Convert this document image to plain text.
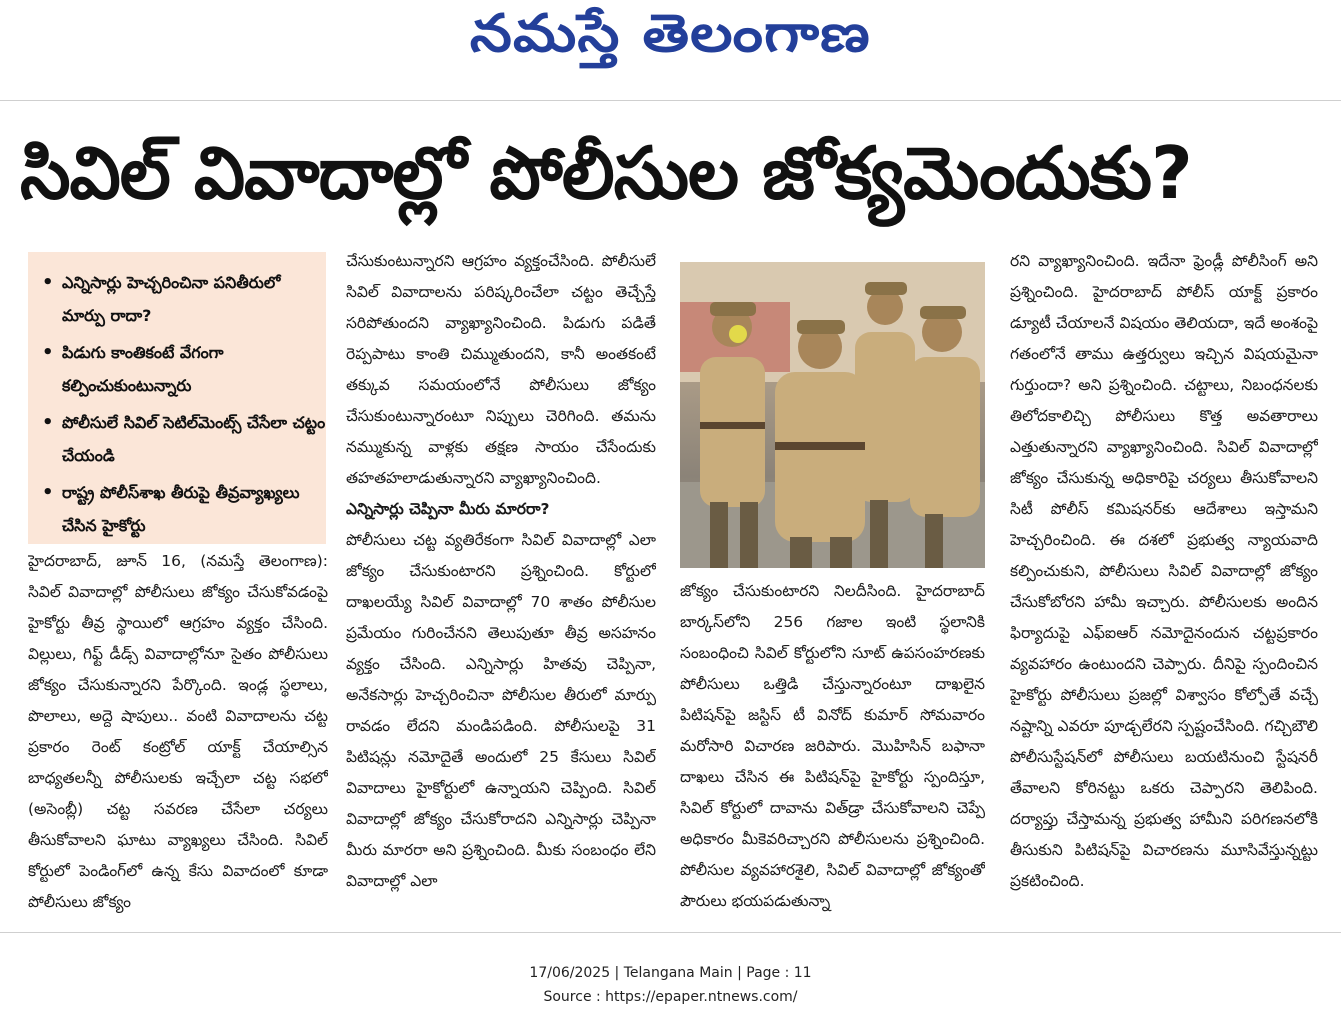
నమస్తే తెలంగాణ
సివిల్ వివాదాల్లో పోలీసుల జోక్యమెందుకు?
• ఎన్నిసార్లు హెచ్చరించినా పనితీరులో మార్పు రాదా?
• పిడుగు కాంతికంటే వేగంగా కల్పించుకుంటున్నారు
• పోలీసులే సివిల్ సెటిల్‌మెంట్స్ చేసేలా చట్టం చేయండి
• రాష్ట్ర పోలీస్‌శాఖ తీరుపై తీవ్రవ్యాఖ్యలు చేసిన హైకోర్టు

హైదరాబాద్, జూన్ 16, (నమస్తే తెలంగాణ): సివిల్ వివాదాల్లో పోలీసులు జోక్యం చేసుకోవడంపై హైకోర్టు తీవ్ర స్థాయిలో ఆగ్రహం వ్యక్తం చేసింది. విల్లులు, గిఫ్ట్ డీడ్స్ వివాదాల్లోనూ సైతం పోలీసులు జోక్యం చేసుకున్నారని పేర్కొంది. ఇండ్ల స్థలాలు, పొలాలు, అద్దె షాపులు.. వంటి వివాదాలను చట్ట ప్రకారం రెంట్ కంట్రోల్ యాక్ట్ చేయాల్సిన బాధ్యతలన్నీ పోలీసులకు ఇచ్చేలా చట్ట సభలో (అసెంబ్లీ) చట్ట సవరణ చేసేలా చర్యలు తీసుకోవాలని ఘాటు వ్యాఖ్యలు చేసింది. సివిల్ కోర్టులో పెండింగ్‌లో ఉన్న కేసు వివాదంలో కూడా పోలీసులు జోక్యం

చేసుకుంటున్నారని ఆగ్రహం వ్యక్తంచేసింది. పోలీసులే సివిల్ వివాదాలను పరిష్కరించేలా చట్టం తెచ్చేస్తే సరిపోతుందని వ్యాఖ్యానించింది. పిడుగు పడితే రెప్పపాటు కాంతి చిమ్ముతుందని, కానీ అంతకంటే తక్కువ సమయంలోనే పోలీసులు జోక్యం చేసుకుంటున్నారంటూ నిప్పులు చెరిగింది. తమను నమ్ముకున్న వాళ్లకు తక్షణ సాయం చేసేందుకు తహతహలాడుతున్నారని వ్యాఖ్యానించింది.

ఎన్నిసార్లు చెప్పినా మీరు మారరా?

పోలీసులు చట్ట వ్యతిరేకంగా సివిల్ వివాదాల్లో ఎలా జోక్యం చేసుకుంటారని ప్రశ్నించింది. కోర్టులో దాఖలయ్యే సివిల్ వివాదాల్లో 70 శాతం పోలీసుల ప్రమేయం గురించేనని తెలుపుతూ తీవ్ర అసహనం వ్యక్తం చేసింది. ఎన్నిసార్లు హితవు చెప్పినా, అనేకసార్లు హెచ్చరించినా పోలీసుల తీరులో మార్పు రావడం లేదని మండిపడింది. పోలీసులపై 31 పిటిషన్లు నమోదైతే అందులో 25 కేసులు సివిల్ వివాదాలు హైకోర్టులో ఉన్నాయని చెప్పింది. సివిల్ వివాదాల్లో జోక్యం చేసుకోరాదని ఎన్నిసార్లు చెప్పినా మీరు మారరా అని ప్రశ్నించింది. మీకు సంబంధం లేని వివాదాల్లో ఎలా

జోక్యం చేసుకుంటారని నిలదీసింది. హైదరాబాద్ బార్కస్‌లోని 256 గజాల ఇంటి స్థలానికి సంబంధించి సివిల్ కోర్టులోని సూట్ ఉపసంహరణకు పోలీసులు ఒత్తిడి చేస్తున్నారంటూ దాఖలైన పిటిషన్‌పై జస్టిస్ టీ వినోద్ కుమార్ సోమవారం మరోసారి విచారణ జరిపారు. మొహిసిన్ బఫానా దాఖలు చేసిన ఈ పిటిషన్‌పై హైకోర్టు స్పందిస్తూ, సివిల్ కోర్టులో దావాను విత్‌డ్రా చేసుకోవాలని చెప్పే అధికారం మీకెవరిచ్చారని పోలీసులను ప్రశ్నించింది. పోలీసుల వ్యవహారశైలి, సివిల్ వివాదాల్లో జోక్యంతో పౌరులు భయపడుతున్నా

రని వ్యాఖ్యానించింది. ఇదేనా ఫ్రెండ్లీ పోలీసింగ్ అని ప్రశ్నించింది. హైదరాబాద్ పోలీస్ యాక్ట్ ప్రకారం డ్యూటీ చేయాలనే విషయం తెలియదా, ఇదే అంశంపై గతంలోనే తాము ఉత్తర్వులు ఇచ్చిన విషయమైనా గుర్తుందా? అని ప్రశ్నించింది. చట్టాలు, నిబంధనలకు తిలోదకాలిచ్చి పోలీసులు కొత్త అవతారాలు ఎత్తుతున్నారని వ్యాఖ్యానించింది. సివిల్ వివాదాల్లో జోక్యం చేసుకున్న అధికారిపై చర్యలు తీసుకోవాలని సిటీ పోలీస్ కమిషనర్‌కు ఆదేశాలు ఇస్తామని హెచ్చరించింది. ఈ దశలో ప్రభుత్వ న్యాయవాది కల్పించుకుని, పోలీసులు సివిల్ వివాదాల్లో జోక్యం చేసుకోబోరని హామీ ఇచ్చారు. పోలీసులకు అందిన ఫిర్యాదుపై ఎఫ్ఐఆర్ నమోదైనందున చట్టప్రకారం వ్యవహారం ఉంటుందని చెప్పారు. దీనిపై స్పందించిన హైకోర్టు పోలీసులు ప్రజల్లో విశ్వాసం కోల్పోతే వచ్చే నష్టాన్ని ఎవరూ పూడ్చలేరని స్పష్టంచేసింది. గచ్చిబౌలి పోలీసుస్టేషన్‌లో పోలీసులు బయటినుంచి స్టేషనరీ తేవాలని కోరినట్టు ఒకరు చెప్పారని తెలిపింది. దర్యాప్తు చేస్తామన్న ప్రభుత్వ హామీని పరిగణనలోకి తీసుకుని పిటిషన్‌పై విచారణను మూసివేస్తున్నట్టు ప్రకటించింది.

17/06/2025 | Telangana Main | Page : 11
Source : https://epaper.ntnews.com/
